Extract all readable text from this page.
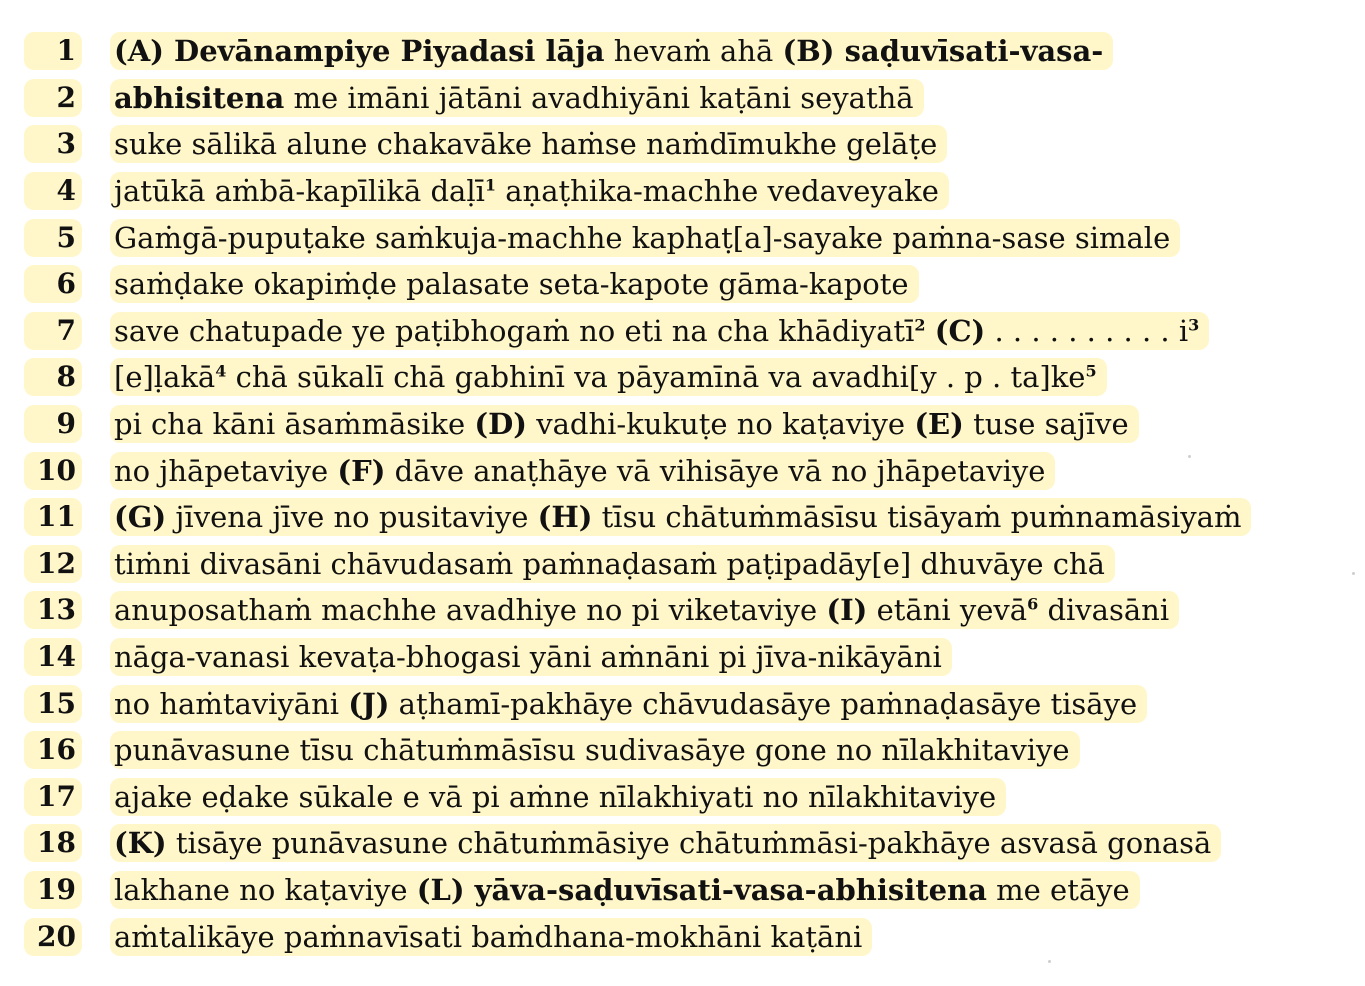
1 (A) Devānampiye Piyadasi lāja hevaṁ ahā (B) saḍuvīsati-vasa-
2 abhisitena me imāni jātāni avadhiyāni kaṭāni seyathā
3 suke sālikā alune chakavāke haṁse naṁdīmukhe gelāṭe
4 jatūkā aṁbā-kapīlikā daḷī$^1$ aṇaṭhika-machhe vedaveyake
5 Gaṁgā-pupuṭake saṁkuja-machhe kaphaṭ[a]-sayake paṁna-sase simale
6 saṁḍake okapiṁḍe palasate seta-kapote gāma-kapote
7 save chatupade ye paṭibhogaṁ no eti na cha khādiyatī$^2$ (C) . . . . . . . . . . $i^3$
8 [e]ḷakā$^4$ chā sūkalī chā gabhinī va pāyamīnā va avadhi[y . p . $ta]ke^5$
9 pi cha kāni āsaṁmāsike (D) vadhi-kukuṭe no kaṭaviye (E) tuse sajīve
10 no jhāpetaviye (F) dāve anaṭhāye vā vihisāye vā no jhāpetaviye
11 (G) jīvena jīve no pusitaviye (H) tīsu chātuṁmāsīsu tisāyaṁ puṁnamāsiyaṁ
12 tiṁni divasāni chāvudasaṁ paṁnaḍasaṁ paṭipadāy[e] dhuvāye chā
13 anuposathaṁ machhe avadhiye no pi viketaviye (I) etāni yevā$^6$ divasāni
14 nāga-vanasi kevaṭa-bhogasi yāni aṁnāni pi jīva-nikāyāni
15 no haṁtaviyāni (J) aṭhamī-pakhāye chāvudasāye paṁnaḍasāye tisāye
16 punāvasune tīsu chātuṁmāsīsu sudivasāye gone no nīlakhitaviye
17 ajake eḍake sūkale e vā pi aṁne nīlakhiyati no nīlakhitaviye
18 (K) tisāye punāvasune chātuṁmāsiye chātuṁmāsi-pakhāye asvasā gonasā
19 lakhane no kaṭaviye (L) yāva-saḍuvīsati-vasa-abhisitena me etāye
20 aṁtalikāye paṁnavīsati baṁdhana-mokhāni kaṭāni
